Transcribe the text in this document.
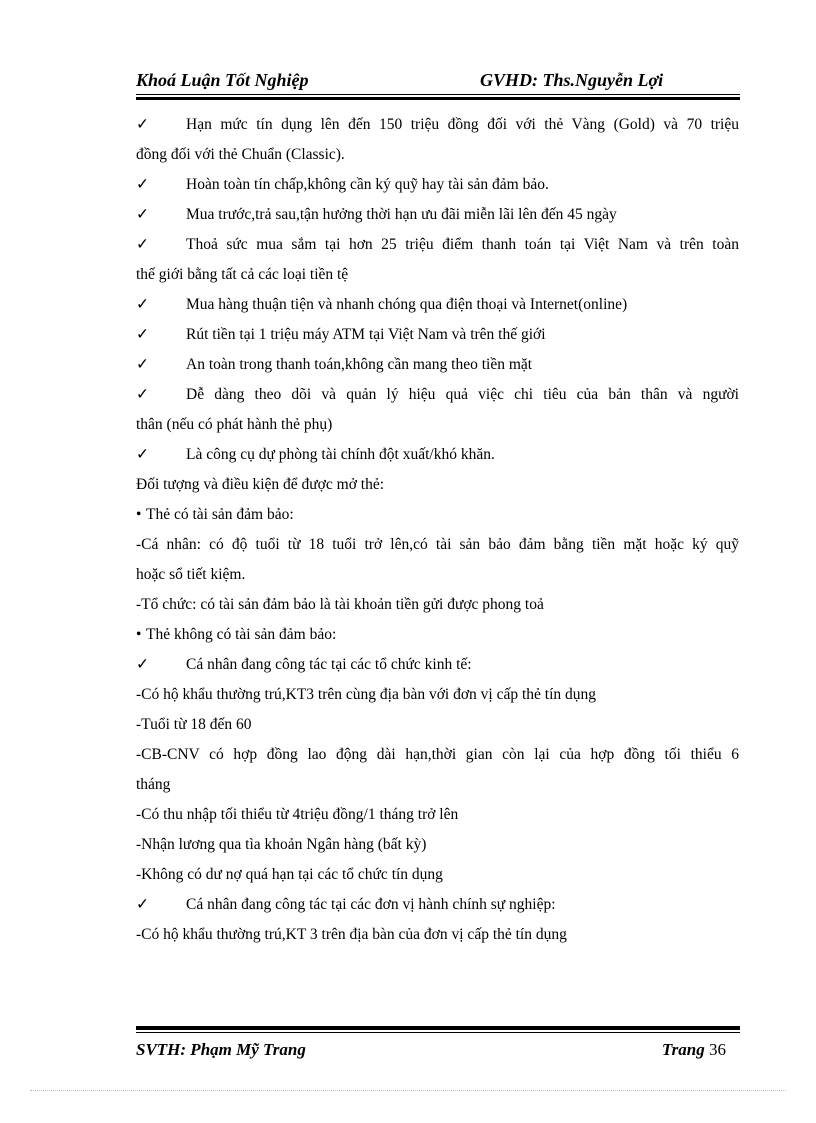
Khoá Luận Tốt Nghiệp	GVHD: Ths.Nguyễn Lợi
✓ Hạn mức tín dụng lên đến 150 triệu đồng đối với thẻ Vàng (Gold) và 70 triệu
đồng đối với thẻ Chuẩn (Classic).
✓ Hoàn toàn tín chấp,không cần ký quỹ hay tài sản đảm bảo.
✓ Mua trước,trả sau,tận hưởng thời hạn ưu đãi miễn lãi lên đến 45 ngày
✓ Thoả sức mua sắm tại hơn 25 triệu điểm thanh toán tại Việt Nam và trên toàn
thế giới bằng tất cả các loại tiền tệ
✓ Mua hàng thuận tiện và nhanh chóng qua điện thoại và Internet(online)
✓ Rút tiền tại 1 triệu máy ATM tại Việt Nam và trên thế giới
✓ An toàn trong thanh toán,không cần mang theo tiền mặt
✓ Dễ dàng theo dõi và quản lý hiệu quả việc chi tiêu của bản thân và người
thân (nếu có phát hành thẻ phụ)
✓ Là công cụ dự phòng tài chính đột xuất/khó khăn.
Đối tượng và điều kiện để được mở thẻ:
• Thẻ có tài sản đảm bảo:
-Cá nhân: có độ tuổi từ 18 tuổi trở lên,có tài sản bảo đảm bằng tiền mặt hoặc ký quỹ
hoặc sổ tiết kiệm.
-Tổ chức: có tài sản đảm bảo là tài khoản tiền gửi được phong toả
• Thẻ không có tài sản đảm bảo:
✓ Cá nhân đang công tác tại các tổ chức kinh tế:
-Có hộ khẩu thường trú,KT3 trên cùng địa bàn với đơn vị cấp thẻ tín dụng
-Tuổi từ 18 đến 60
-CB-CNV có hợp đồng lao động dài hạn,thời gian còn lại của hợp đồng tối thiểu 6
tháng
-Có thu nhập tối thiểu từ 4triệu đồng/1 tháng trở lên
-Nhận lương qua tìa khoản Ngân hàng (bất kỳ)
-Không có dư nợ quá hạn tại các tổ chức tín dụng
✓ Cá nhân đang công tác tại các đơn vị hành chính sự nghiệp:
-Có hộ khẩu thường trú,KT 3 trên địa bàn của đơn vị cấp thẻ tín dụng
SVTH: Phạm Mỹ Trang	Trang 36
